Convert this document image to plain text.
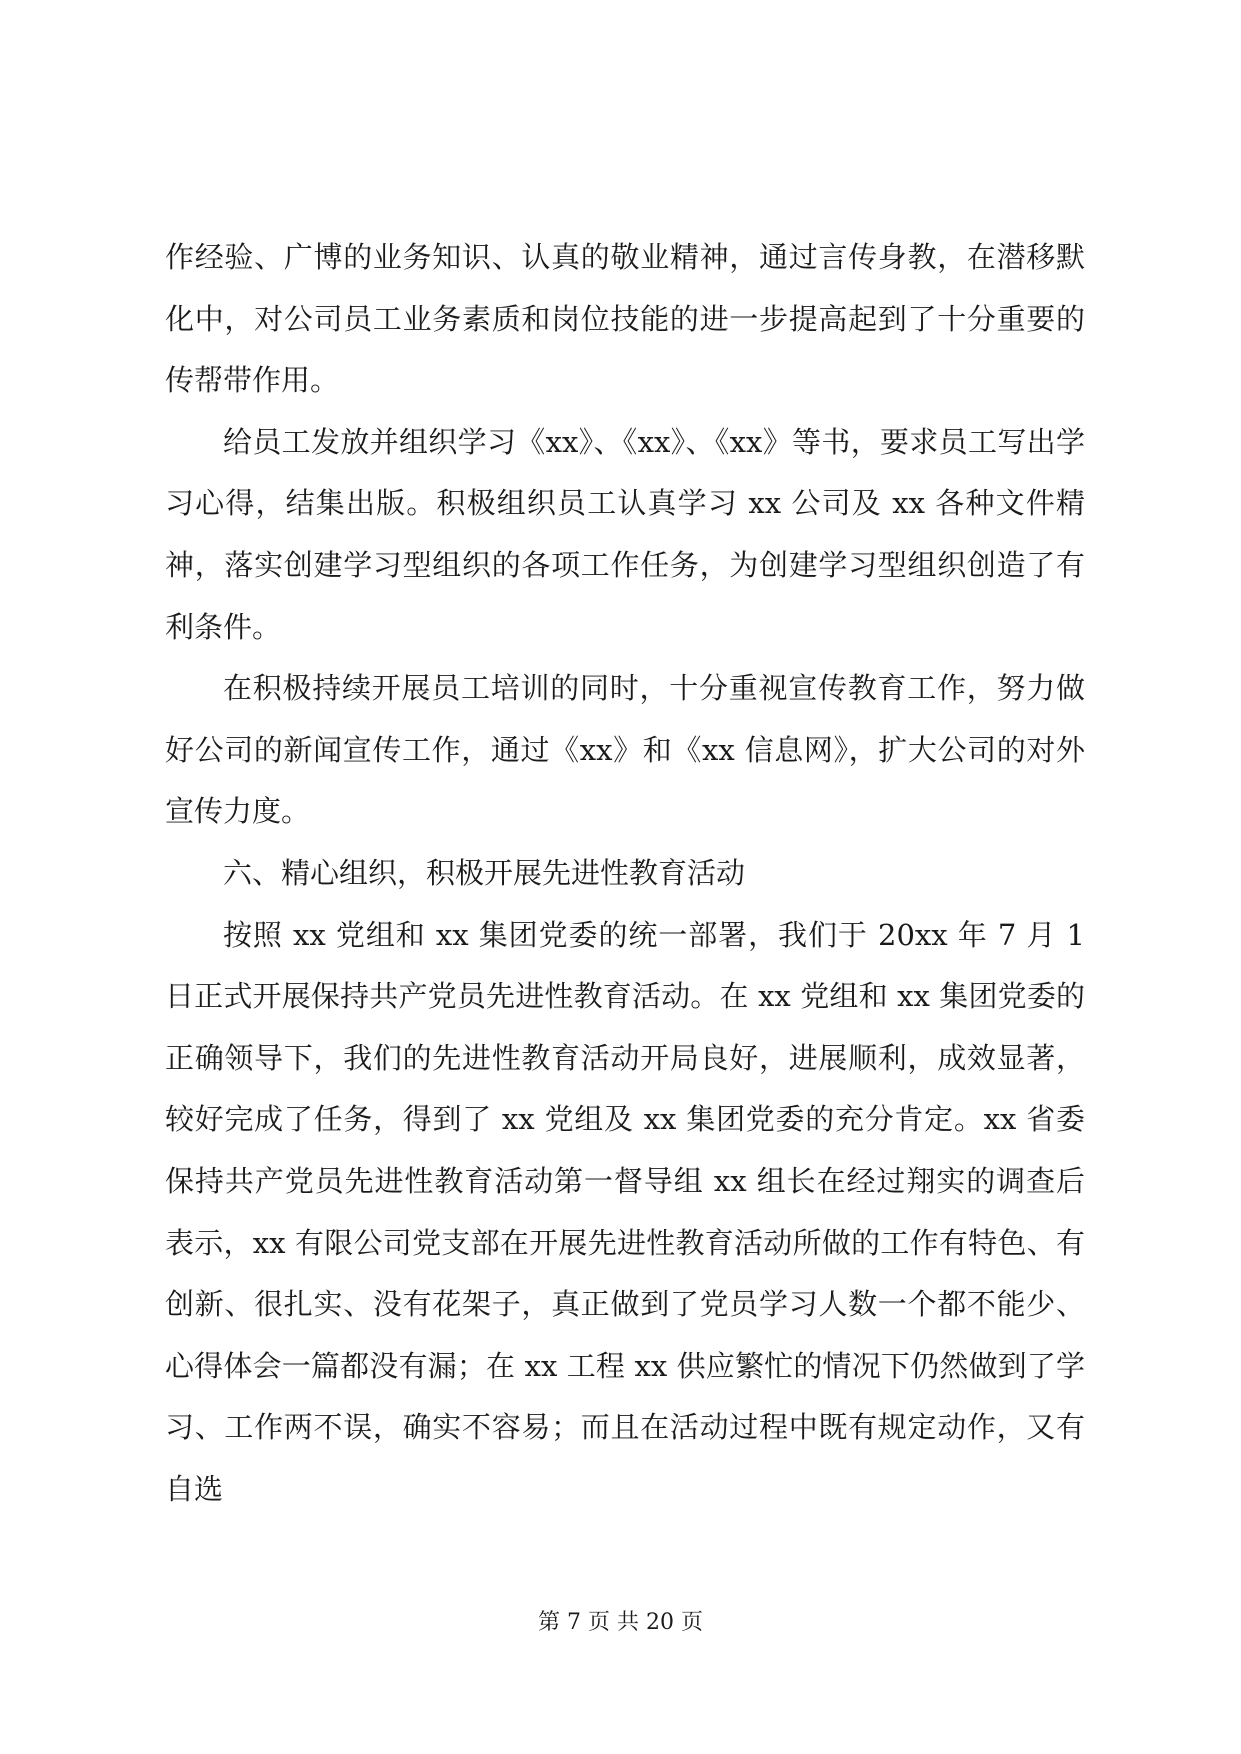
作经验、广博的业务知识、认真的敬业精神，通过言传身教，在潜移默化中，对公司员工业务素质和岗位技能的进一步提高起到了十分重要的传帮带作用。

给员工发放并组织学习《xx》、《xx》、《xx》等书，要求员工写出学习心得，结集出版。积极组织员工认真学习 xx 公司及 xx 各种文件精神，落实创建学习型组织的各项工作任务，为创建学习型组织创造了有利条件。

在积极持续开展员工培训的同时，十分重视宣传教育工作，努力做好公司的新闻宣传工作，通过《xx》和《xx 信息网》，扩大公司的对外宣传力度。

六、精心组织，积极开展先进性教育活动

按照 xx 党组和 xx 集团党委的统一部署，我们于 20xx 年 7 月 1 日正式开展保持共产党员先进性教育活动。在 xx 党组和 xx 集团党委的正确领导下，我们的先进性教育活动开局良好，进展顺利，成效显著，较好完成了任务，得到了 xx 党组及 xx 集团党委的充分肯定。xx 省委保持共产党员先进性教育活动第一督导组 xx 组长在经过翔实的调查后表示，xx 有限公司党支部在开展先进性教育活动所做的工作有特色、有创新、很扎实、没有花架子，真正做到了党员学习人数一个都不能少、心得体会一篇都没有漏；在 xx 工程 xx 供应繁忙的情况下仍然做到了学习、工作两不误，确实不容易；而且在活动过程中既有规定动作，又有自选

第 7 页 共 20 页
